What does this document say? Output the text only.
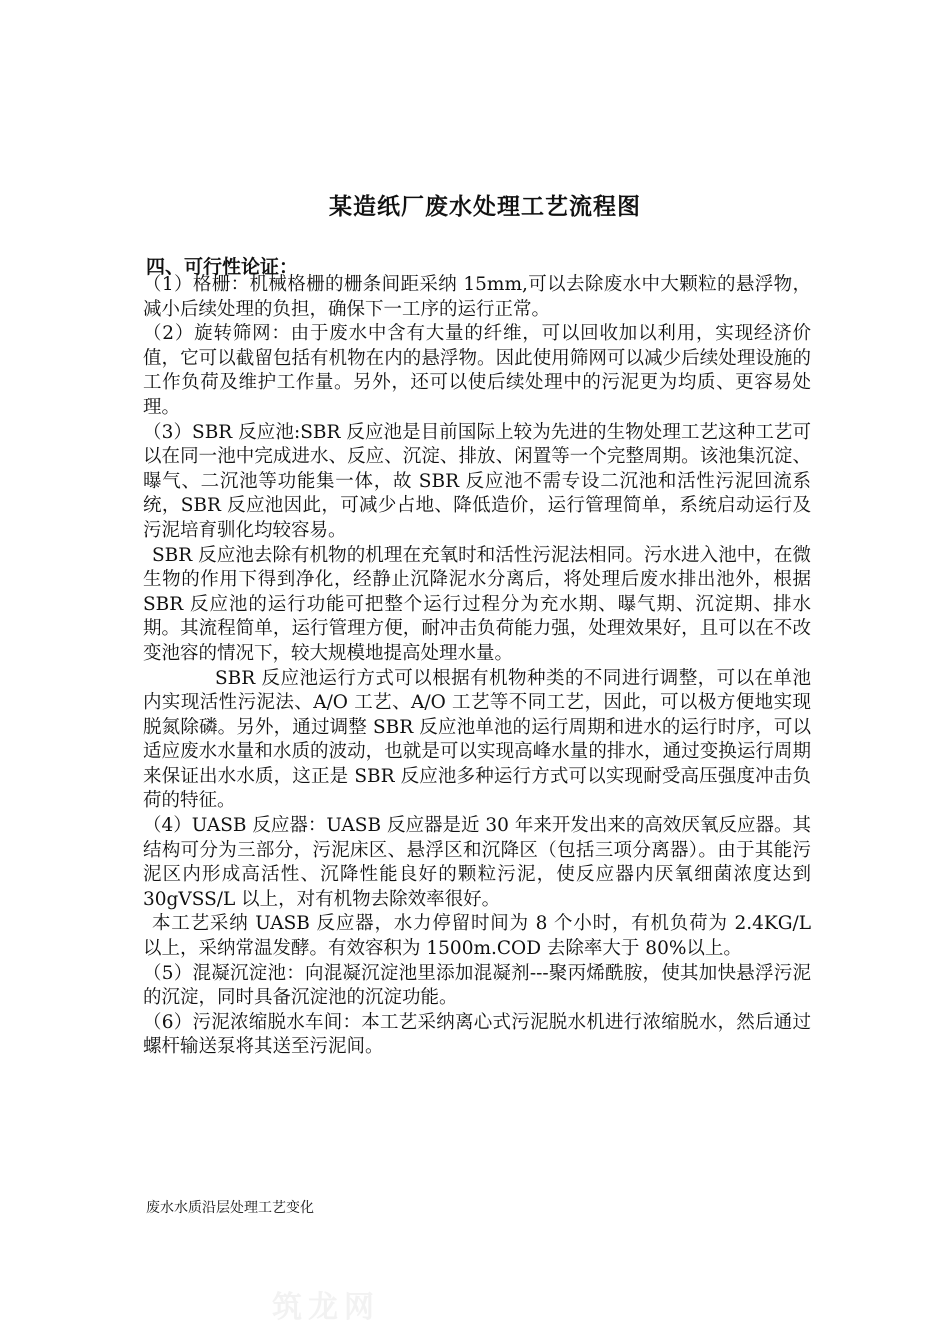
某造纸厂废水处理工艺流程图
四、可行性论证：

（1）格栅：机械格栅的栅条间距采纳 15mm,可以去除废水中大颗粒的悬浮物，减小后续处理的负担，确保下一工序的运行正常。

（2）旋转筛网：由于废水中含有大量的纤维，可以回收加以利用，实现经济价值，它可以截留包括有机物在内的悬浮物。因此使用筛网可以减少后续处理设施的工作负荷及维护工作量。另外，还可以使后续处理中的污泥更为均质、更容易处理。

（3）SBR 反应池:SBR 反应池是目前国际上较为先进的生物处理工艺这种工艺可以在同一池中完成进水、反应、沉淀、排放、闲置等一个完整周期。该池集沉淀、曝气、二沉池等功能集一体，故 SBR 反应池不需专设二沉池和活性污泥回流系统，SBR 反应池因此，可减少占地、降低造价，运行管理简单，系统启动运行及污泥培育驯化均较容易。

SBR 反应池去除有机物的机理在充氧时和活性污泥法相同。污水进入池中，在微生物的作用下得到净化，经静止沉降泥水分离后，将处理后废水排出池外，根据 SBR 反应池的运行功能可把整个运行过程分为充水期、曝气期、沉淀期、排水期。其流程简单，运行管理方便，耐冲击负荷能力强，处理效果好，且可以在不改变池容的情况下，较大规模地提高处理水量。

SBR 反应池运行方式可以根据有机物种类的不同进行调整，可以在单池内实现活性污泥法、A/O 工艺、A/O 工艺等不同工艺，因此，可以极方便地实现脱氮除磷。另外，通过调整 SBR 反应池单池的运行周期和进水的运行时序，可以适应废水水量和水质的波动，也就是可以实现高峰水量的排水，通过变换运行周期来保证出水水质，这正是 SBR 反应池多种运行方式可以实现耐受高压强度冲击负荷的特征。

（4）UASB 反应器：UASB 反应器是近 30 年来开发出来的高效厌氧反应器。其结构可分为三部分，污泥床区、悬浮区和沉降区（包括三项分离器）。由于其能污泥区内形成高活性、沉降性能良好的颗粒污泥，使反应器内厌氧细菌浓度达到 30gVSS/L 以上，对有机物去除效率很好。

本工艺采纳 UASB 反应器，水力停留时间为 8 个小时，有机负荷为 2.4KG/L 以上，采纳常温发酵。有效容积为 1500m.COD 去除率大于 80%以上。

（5）混凝沉淀池：向混凝沉淀池里添加混凝剂---聚丙烯酰胺，使其加快悬浮污泥的沉淀，同时具备沉淀池的沉淀功能。

（6）污泥浓缩脱水车间：本工艺采纳离心式污泥脱水机进行浓缩脱水，然后通过螺杆输送泵将其送至污泥间。

废水水质沿层处理工艺变化
筑龙网
